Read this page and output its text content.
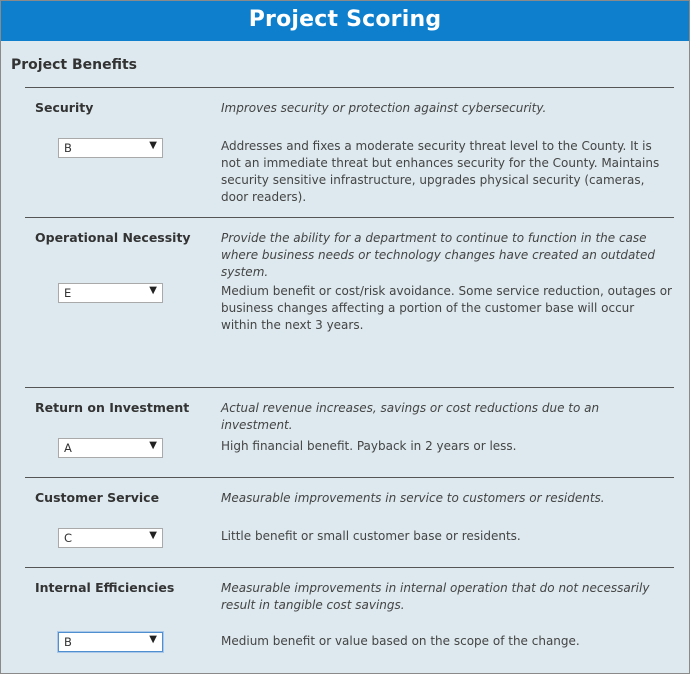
Project Scoring
Project Benefits
Security	Improves security or protection against cybersecurity.
B	▼	Addresses and fixes a moderate security threat level to the County. It is not an immediate threat but enhances security for the County. Maintains security sensitive infrastructure, upgrades physical security (cameras, door readers).
Operational Necessity	Provide the ability for a department to continue to function in the case where business needs or technology changes have created an outdated system.
E	▼	Medium benefit or cost/risk avoidance. Some service reduction, outages or business changes affecting a portion of the customer base will occur within the next 3 years.
Return on Investment	Actual revenue increases, savings or cost reductions due to an investment.
A	▼	High financial benefit. Payback in 2 years or less.
Customer Service	Measurable improvements in service to customers or residents.
C	▼	Little benefit or small customer base or residents.
Internal Efficiencies	Measurable improvements in internal operation that do not necessarily result in tangible cost savings.
B	▼	Medium benefit or value based on the scope of the change.
